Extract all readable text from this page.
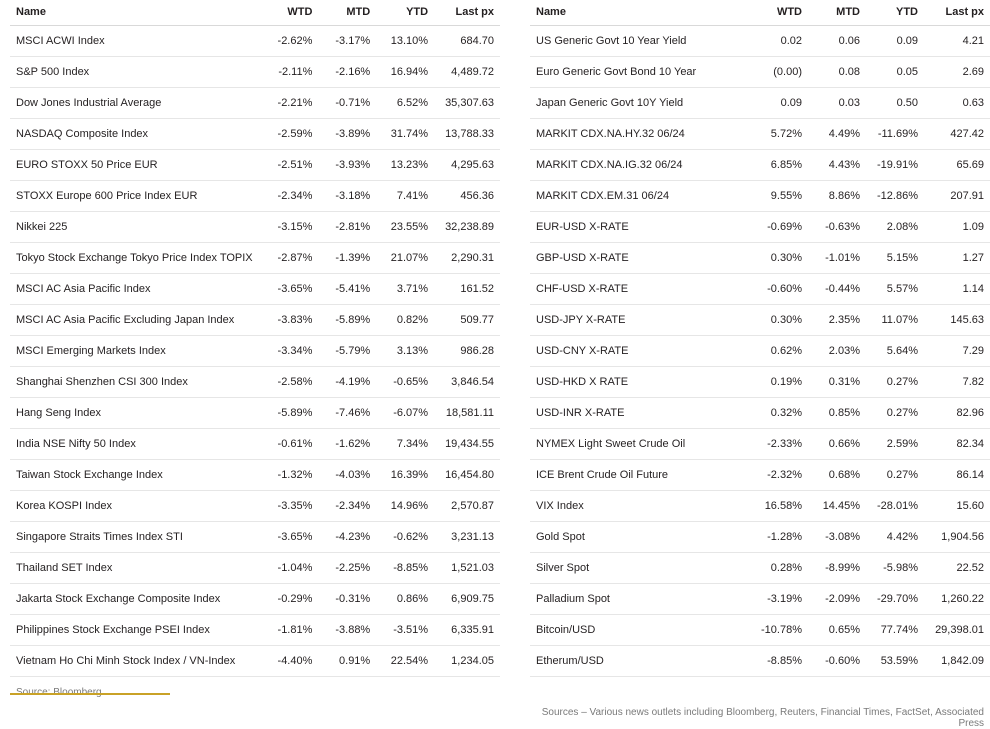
Name	WTD	MTD	YTD	Last px
MSCI ACWI Index	-2.62%	-3.17%	13.10%	684.70
S&P 500 Index	-2.11%	-2.16%	16.94%	4,489.72
Dow Jones Industrial Average	-2.21%	-0.71%	6.52%	35,307.63
NASDAQ Composite Index	-2.59%	-3.89%	31.74%	13,788.33
EURO STOXX 50 Price EUR	-2.51%	-3.93%	13.23%	4,295.63
STOXX Europe 600 Price Index EUR	-2.34%	-3.18%	7.41%	456.36
Nikkei 225	-3.15%	-2.81%	23.55%	32,238.89
Tokyo Stock Exchange Tokyo Price Index TOPIX	-2.87%	-1.39%	21.07%	2,290.31
MSCI AC Asia Pacific Index	-3.65%	-5.41%	3.71%	161.52
MSCI AC Asia Pacific Excluding Japan Index	-3.83%	-5.89%	0.82%	509.77
MSCI Emerging Markets Index	-3.34%	-5.79%	3.13%	986.28
Shanghai Shenzhen CSI 300 Index	-2.58%	-4.19%	-0.65%	3,846.54
Hang Seng Index	-5.89%	-7.46%	-6.07%	18,581.11
India NSE Nifty 50 Index	-0.61%	-1.62%	7.34%	19,434.55
Taiwan Stock Exchange Index	-1.32%	-4.03%	16.39%	16,454.80
Korea KOSPI Index	-3.35%	-2.34%	14.96%	2,570.87
Singapore Straits Times Index STI	-3.65%	-4.23%	-0.62%	3,231.13
Thailand SET Index	-1.04%	-2.25%	-8.85%	1,521.03
Jakarta Stock Exchange Composite Index	-0.29%	-0.31%	0.86%	6,909.75
Philippines Stock Exchange PSEI Index	-1.81%	-3.88%	-3.51%	6,335.91
Vietnam Ho Chi Minh Stock Index / VN-Index	-4.40%	0.91%	22.54%	1,234.05
Name	WTD	MTD	YTD	Last px
US Generic Govt 10 Year Yield	0.02	0.06	0.09	4.21
Euro Generic Govt Bond 10 Year	(0.00)	0.08	0.05	2.69
Japan Generic Govt 10Y Yield	0.09	0.03	0.50	0.63
MARKIT CDX.NA.HY.32 06/24	5.72%	4.49%	-11.69%	427.42
MARKIT CDX.NA.IG.32 06/24	6.85%	4.43%	-19.91%	65.69
MARKIT CDX.EM.31 06/24	9.55%	8.86%	-12.86%	207.91
EUR-USD X-RATE	-0.69%	-0.63%	2.08%	1.09
GBP-USD X-RATE	0.30%	-1.01%	5.15%	1.27
CHF-USD X-RATE	-0.60%	-0.44%	5.57%	1.14
USD-JPY X-RATE	0.30%	2.35%	11.07%	145.63
USD-CNY X-RATE	0.62%	2.03%	5.64%	7.29
USD-HKD X RATE	0.19%	0.31%	0.27%	7.82
USD-INR X-RATE	0.32%	0.85%	0.27%	82.96
NYMEX Light Sweet Crude Oil	-2.33%	0.66%	2.59%	82.34
ICE Brent Crude Oil Future	-2.32%	0.68%	0.27%	86.14
VIX Index	16.58%	14.45%	-28.01%	15.60
Gold Spot	-1.28%	-3.08%	4.42%	1,904.56
Silver Spot	0.28%	-8.99%	-5.98%	22.52
Palladium Spot	-3.19%	-2.09%	-29.70%	1,260.22
Bitcoin/USD	-10.78%	0.65%	77.74%	29,398.01
Etherum/USD	-8.85%	-0.60%	53.59%	1,842.09
Sources – Various news outlets including Bloomberg, Reuters, Financial Times, FactSet, Associated Press
